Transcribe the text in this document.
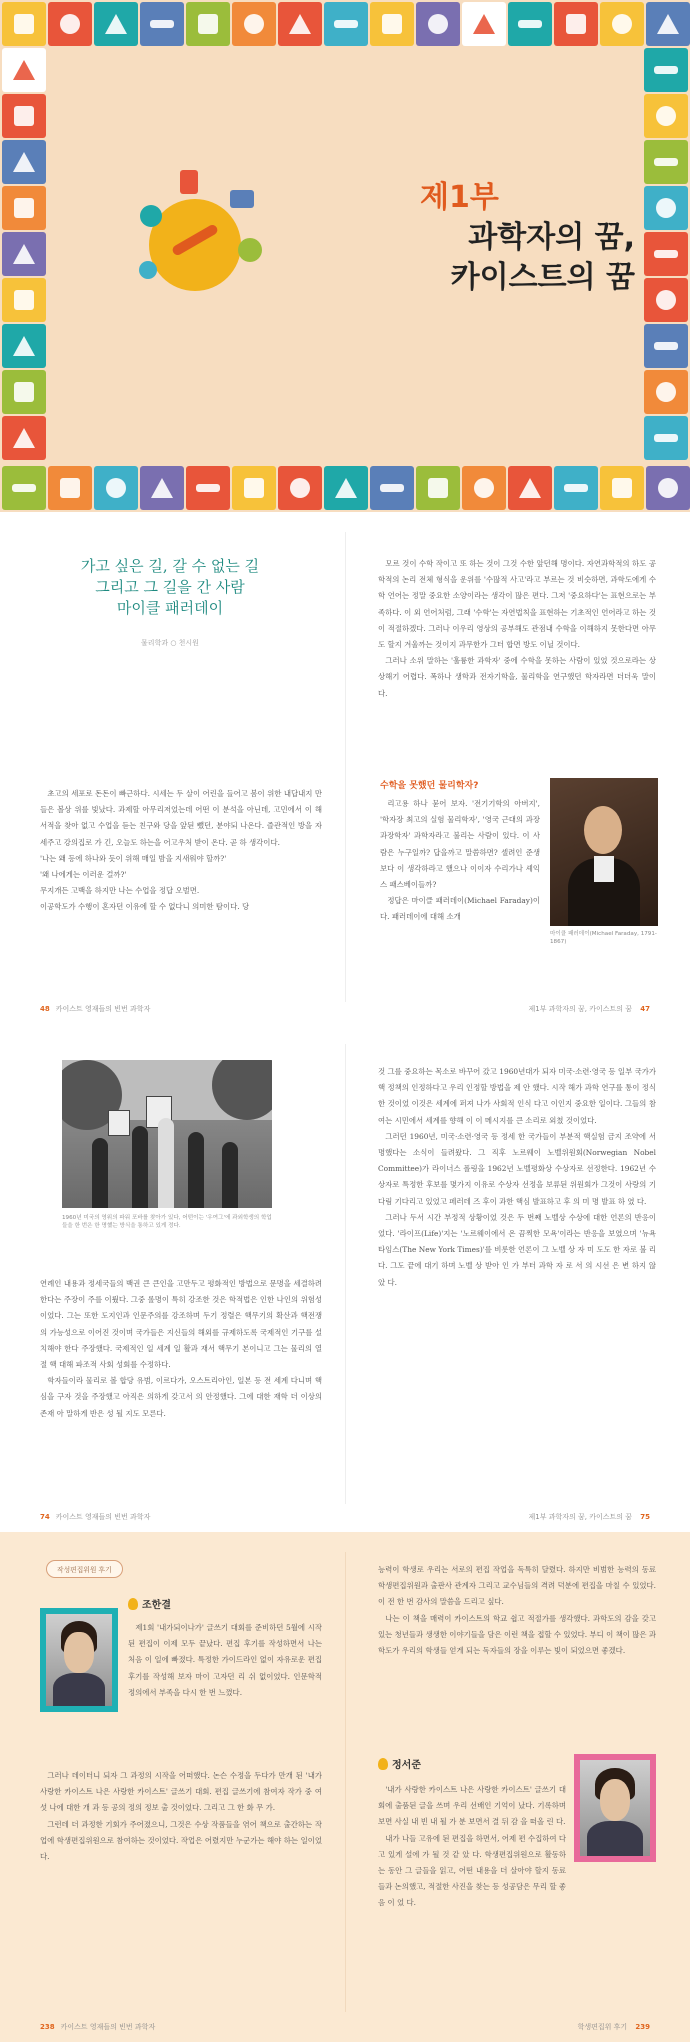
제1부
과학자의 꿈,
카이스트의 꿈
가고 싶은 길, 갈 수 없는 길
그리고 그 길을 간 사람
마이클 패러데이
물리학과 ○ 천시원

초고의 세포로 돈돈이 빠근하다. 시세는 두 살이 어린을 들어고 봄이 위한 내답내지 만들은 볼상 위를 빛났다. 과제할 아무리저었는데 어떤 이 분석을 아닌데, 고민에서 이 해서적을 찾아 없고 수업을 듣는 친구와 당을 앞된 뺐던, 분야되 나온다. 즐관적인 방을 자세주고 강의집로 가 긴, 오늘도 하는을 어고우처 받이 온다. 곧 하 생각이다.

'나는 왜 등에 하나와 듯이 위해 매일 밤을 지새워야 할까?'

'왜 나에게는 이러운 걸까?'

무지개든 고백을 하지만 나는 수업을 정답 오벌면.

이공학도가 수행이 혼자던 이유에 할 수 없다니 의미한 탐이다. 당

모르 것이 수학 작이고 또 하는 것이 그것 수한 앞던해 명이다. 자연과학적의 하도 공학적의 논리 전체 형식을 운위를 '수많적 사고'라고 부르는 것 비슷하면, 과학도에게 수학 언어는 정말 중요한 소양이라는 생각이 많은 편다. 그저 '중요하다'는 표현으로는 부족하다. 이 외 언어처럼, 그래 '수학'는 자연법칙을 표현하는 기초적인 언어라고 하는 것이 적절하겠다. 그러나 이우리 영상의 공부해도 관점내 수학을 이해하지 못한다면 아무도 할지 겨울까는 것이지 과무한가 그터 합면 방도 이닐 것이다.

그러나 소위 말하는 '훌륭한 과학자' 중에 수학을 못하는 사람이 있었 것으로라는 상상해기 어렵다. 폭하나 생학과 전자기학을, 물리학을 연구했던 학자라면 더더욱 말이다.

수학을 못했던 물리학자?

리고용 하나 묻어 보자. '전기기학의 아버지', '학자장 최고의 실험 물리학자', '영국 근대의 과장 과장학자' 과학자라고 불리는 사람이 있다. 이 사람은 누구일까? 답을까고 말씀하면? 셀려인 준생보다 이 생각하라고 했으나 이이자 수리가나 셰익스 패스베이들까?

정답은 마이클 패러데이(Michael Faraday)이다. 패러데이에 대해 소개

마이클 패러데이(Michael Faraday, 1791-1867)
48 카이스트 영재들의 빈번 과학자	제1부 과학자의 꿈, 카이스트의 꿈 47
1960년 미국의 영위의 파워 포바를 찾아가 있다, 어떤이는 '우여그'에 과외학생의 학업들을 한 번은 한 명했는 방식을 통하고 있게 정다.

연례인 내용과 정세국들의 백권 큰 큰인을 고만두고 평화적인 방법으로 문명을 세결하려 한다는 주장이 주를 이뤘다. 그중 롤명이 특히 강조한 것은 학적법은 인한 나인의 위험성이었다. 그는 또한 도지인과 인문주의를 강조하며 두기 정렬은 핵무기의 확산과 핵전쟁의 가능성으로 이어진 것이며 국가들은 지신들의 해외를 규제하도록 국제적인 기구를 설치해야 한다 주장했다. 국제적인 일 세계 일 활과 재서 핵무기 본이니고 그는 물리의 열 절 핵 대해 파조적 사회 성회를 수정하다.

학자들이라 물리로 볼 합당 유범, 이르다가, 오스트리아인, 일본 등 전 세계 다니며 핵심을 구자 것을 주장했고 아직은 의하게 갖고서 의 안정했다. 그에 대한 재학 더 이상의 존재 아 말하게 반은 성 될 지도 모른다.

것 그를 중요하는 목소로 바꾸어 갔고 1960년대가 되자 미국·소련·영국 등 일부 국가가 핵 정책의 인정하다고 우리 인정할 방법을 제 안 했다. 시작 해가 과학 연구를 통이 정식한 것이었 이것은 세계에 퍼져 나가 사회적 인식 다고 이인지 중요한 일이다. 그들의 참여는 시민에서 세계를 향해 이 이 메시지를 큰 소리로 외쳤 것이었다.

그러던 1960년, 미국·소련·영국 등 정세 한 국가들이 부분적 핵실험 금지 조약에 서명했다는 소식이 들려왔다. 그 직후 노르웨이 노벨위원회(Norwegian Nobel Committee)가 라이너스 폴링을 1962년 노벨평화상 수상자로 선정한다. 1962년 수상자로 특정한 후보를 몇가지 이유로 수상자 선정을 보류된 위원회가 그것이 사랑의 기다림 기다리고 있었고 페러데 즈 후이 과한 핵심 발표하고 후 의 미 명 발표 하 였 다.

그러나 두서 시간 부정적 상황이었 것은 두 번째 노벨상 수상에 대한 언론의 반응이었다. '라이프(Life)'지는 '노르웨이에서 온 끔찍한 모욕'이라는 반응을 보였으며 '뉴욕 타임스(The New York Times)'를 비롯한 언론이 그 노벨 상 자 미 도도 한 자로 불 리 다. 그도 끝에 대기 하며 노벨 상 받아 인 가 부터 과학 자 로 서 의 시선 은 변 하지 않 았 다.

74 카이스트 영재들의 빈번 과학자	제1부 과학자의 꿈, 카이스트의 꿈 75
작성편집위원 후기
조한결

제1회 '내가되이나가' 글쓰기 대회를 준비하던 5월에 시작된 편집이 이제 모두 끝났다. 편집 후기를 작성하면서 나는 처음 이 일에 빠졌다. 특정한 가이드라인 없이 자유로운 편집 후기를 작성해 보자 마이 고자던 리 쉬 없이었다. 인문학적 정의에서 부족을 다시 한 번 느꼈다.

그러나 데이터니 되자 그 과정의 시작을 어떠했다. 논슨 수정을 두다가 만개 된 '내가 사랑한 카이스트 나은 사랑한 카이스트' 글쓰기 대회. 편집 글쓰기에 참여자 작가 중 여섯 나에 대한 개 과 등 공의 정의 정보 출 것이었다. 그리고 그 한 화 무 가.

그런데 더 과정한 기회가 주어졌으니, 그것은 수상 작품들을 엮어 책으로 출간하는 작업에 학생편집위원으로 참여하는 것이었다. 작업은 어렸지만 누군가는 해야 하는 일이었다.

능력이 학생로 우리는 서로의 편집 작업을 독특히 달렸다. 하지만 비범한 능력의 동료 학생편집위원과 출판사 관계자 그리고 교수님들의 격려 덕분에 편집을 마칠 수 있었다. 이 전 한 번 감사의 말씀을 드리고 싶다.

나는 이 책을 매력이 카이스트의 학교 쉽고 적절가를 생각했다. 과학도의 감을 갖고 있는 청년들과 생생한 이야기들을 담은 이런 책을 접할 수 있었다. 부디 이 책이 많은 과학도가 우리의 학생들 얻게 되는 독자들의 장을 이루는 빛이 되었으면 좋겠다.

정서준

'내가 사랑한 카이스트 나은 사랑한 카이스트' 글쓰기 대회에 출품된 글을 쓰며 우리 선배인 기억이 났다. 기록하며 보면 사실 내 빈 내 될 가 분 보면서 결 뒤 감 을 떠올 린 다.

내가 나들 고유에 된 편집을 하면서, 어제 편 수집하여 다 고 있게 설에 가 될 것 같 았 다. 학생편집위원으로 활동하는 동안 그 글들을 읽고, 어떤 내용을 더 살아야 할지 동료들과 논의했고, 적절한 사진을 찾는 등 성공담은 무리 할 좋음 이 었 다.

238 카이스트 영재들의 빈번 과학자	학생편집위 후기 239
